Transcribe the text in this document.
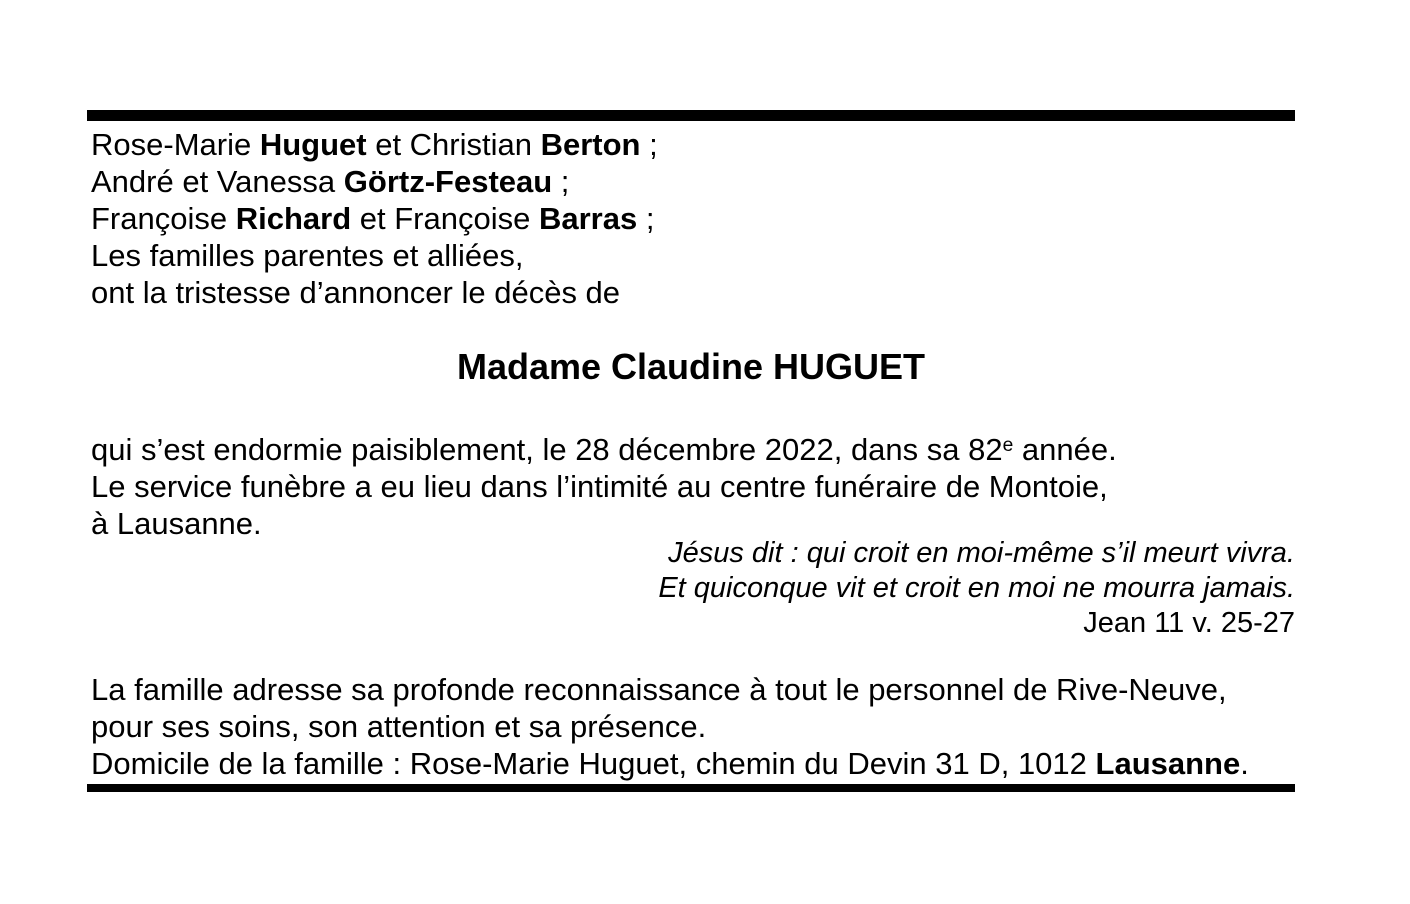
Rose-Marie Huguet et Christian Berton ;
André et Vanessa Görtz-Festeau ;
Françoise Richard et Françoise Barras ;
Les familles parentes et alliées,
ont la tristesse d’annoncer le décès de
Madame Claudine HUGUET
qui s’est endormie paisiblement, le 28 décembre 2022, dans sa 82e année.
Le service funèbre a eu lieu dans l’intimité au centre funéraire de Montoie,
à Lausanne.
Jésus dit : qui croit en moi-même s’il meurt vivra.
Et quiconque vit et croit en moi ne mourra jamais.
Jean 11 v. 25-27
La famille adresse sa profonde reconnaissance à tout le personnel de Rive-Neuve,
pour ses soins, son attention et sa présence.
Domicile de la famille : Rose-Marie Huguet, chemin du Devin 31 D, 1012 Lausanne.
